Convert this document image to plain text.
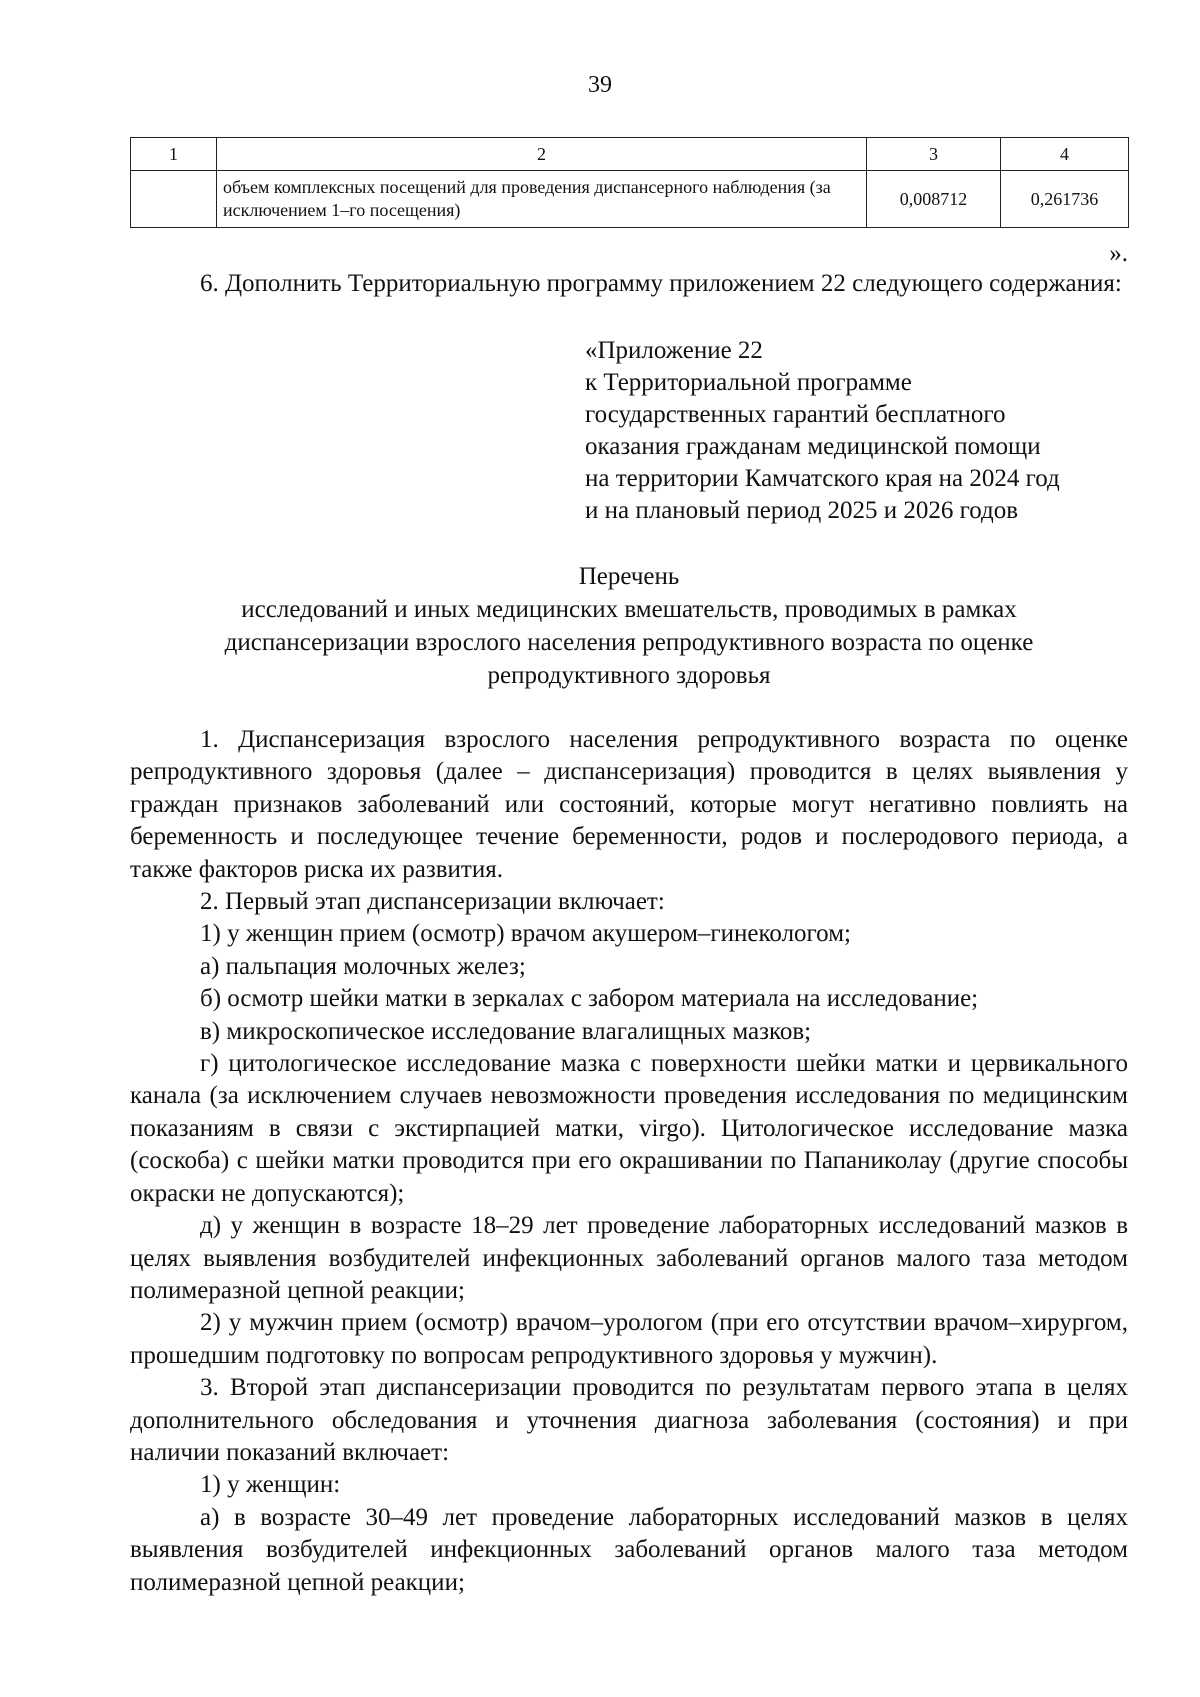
39
1	2	3	4
	объем комплексных посещений для проведения диспансерного наблюдения (за исключением 1–го посещения)	0,008712	0,261736
».

6. Дополнить Территориальную программу приложением 22 следующего содержания:

«Приложение 22
к Территориальной программе
государственных гарантий бесплатного
оказания гражданам медицинской помощи
на территории Камчатского края на 2024 год
и на плановый период 2025 и 2026 годов
Перечень
исследований и иных медицинских вмешательств, проводимых в рамках
диспансеризации взрослого населения репродуктивного возраста по оценке
репродуктивного здоровья

1. Диспансеризация взрослого населения репродуктивного возраста по оценке репродуктивного здоровья (далее – диспансеризация) проводится в целях выявления у граждан признаков заболеваний или состояний, которые могут негативно повлиять на беременность и последующее течение беременности, родов и послеродового периода, а также факторов риска их развития.

2. Первый этап диспансеризации включает:

1) у женщин прием (осмотр) врачом акушером–гинекологом;

а) пальпация молочных желез;

б) осмотр шейки матки в зеркалах с забором материала на исследование;

в) микроскопическое исследование влагалищных мазков;

г) цитологическое исследование мазка с поверхности шейки матки и цервикального канала (за исключением случаев невозможности проведения исследования по медицинским показаниям в связи с экстирпацией матки, virgo). Цитологическое исследование мазка (соскоба) с шейки матки проводится при его окрашивании по Папаниколау (другие способы окраски не допускаются);

д) у женщин в возрасте 18–29 лет проведение лабораторных исследований мазков в целях выявления возбудителей инфекционных заболеваний органов малого таза методом полимеразной цепной реакции;

2) у мужчин прием (осмотр) врачом–урологом (при его отсутствии врачом–хирургом, прошедшим подготовку по вопросам репродуктивного здоровья у мужчин).

3. Второй этап диспансеризации проводится по результатам первого этапа в целях дополнительного обследования и уточнения диагноза заболевания (состояния) и при наличии показаний включает:

1) у женщин:

а) в возрасте 30–49 лет проведение лабораторных исследований мазков в целях выявления возбудителей инфекционных заболеваний органов малого таза методом полимеразной цепной реакции;
